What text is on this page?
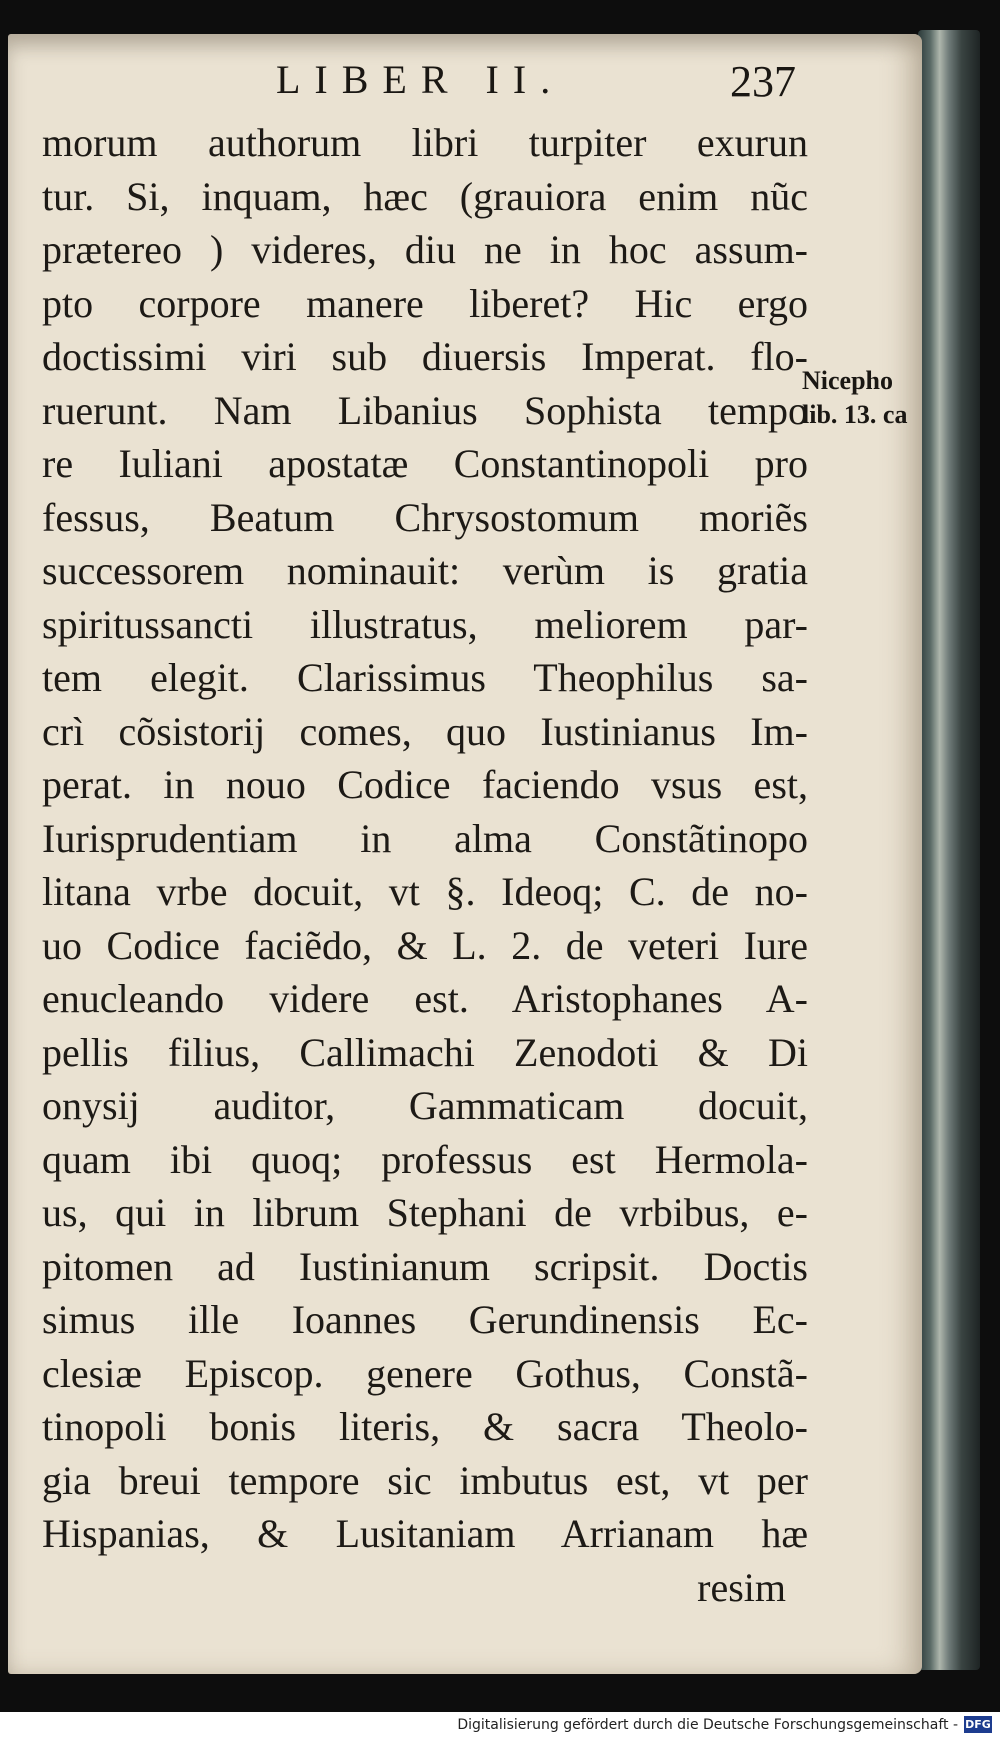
LIBER II.	237
morum authorum libri turpiter exurun
tur. Si, inquam, hæc (grauiora enim nũc
prætereo ) videres, diu ne in hoc assum-
pto corpore manere liberet? Hic ergo
doctissimi viri sub diuersis Imperat. flo-
ruerunt. Nam Libanius Sophista tempo
re Iuliani apostatæ Constantinopoli pro
fessus, Beatum Chrysostomum moriẽs
successorem nominauit: verùm is gratia
spiritussancti illustratus, meliorem par-
tem elegit. Clarissimus Theophilus sa-
crì cõsistorij comes, quo Iustinianus Im-
perat. in nouo Codice faciendo vsus est,
Iurisprudentiam in alma Constãtinopo
litana vrbe docuit, vt §. Ideoq; C. de no-
uo Codice faciẽdo, & L. 2. de veteri Iure
enucleando videre est. Aristophanes A-
pellis filius, Callimachi Zenodoti & Di
onysij auditor, Gammaticam docuit,
quam ibi quoq; professus est Hermola-
us, qui in librum Stephani de vrbibus, e-
pitomen ad Iustinianum scripsit. Doctis
simus ille Ioannes Gerundinensis Ec-
clesiæ Episcop. genere Gothus, Constã-
tinopoli bonis literis, & sacra Theolo-
gia breui tempore sic imbutus est, vt per
Hispanias, & Lusitaniam Arrianam hæ
resim
Nicepho
lib. 13. ca
Digitalisierung gefördert durch die Deutsche Forschungsgemeinschaft - DFG
